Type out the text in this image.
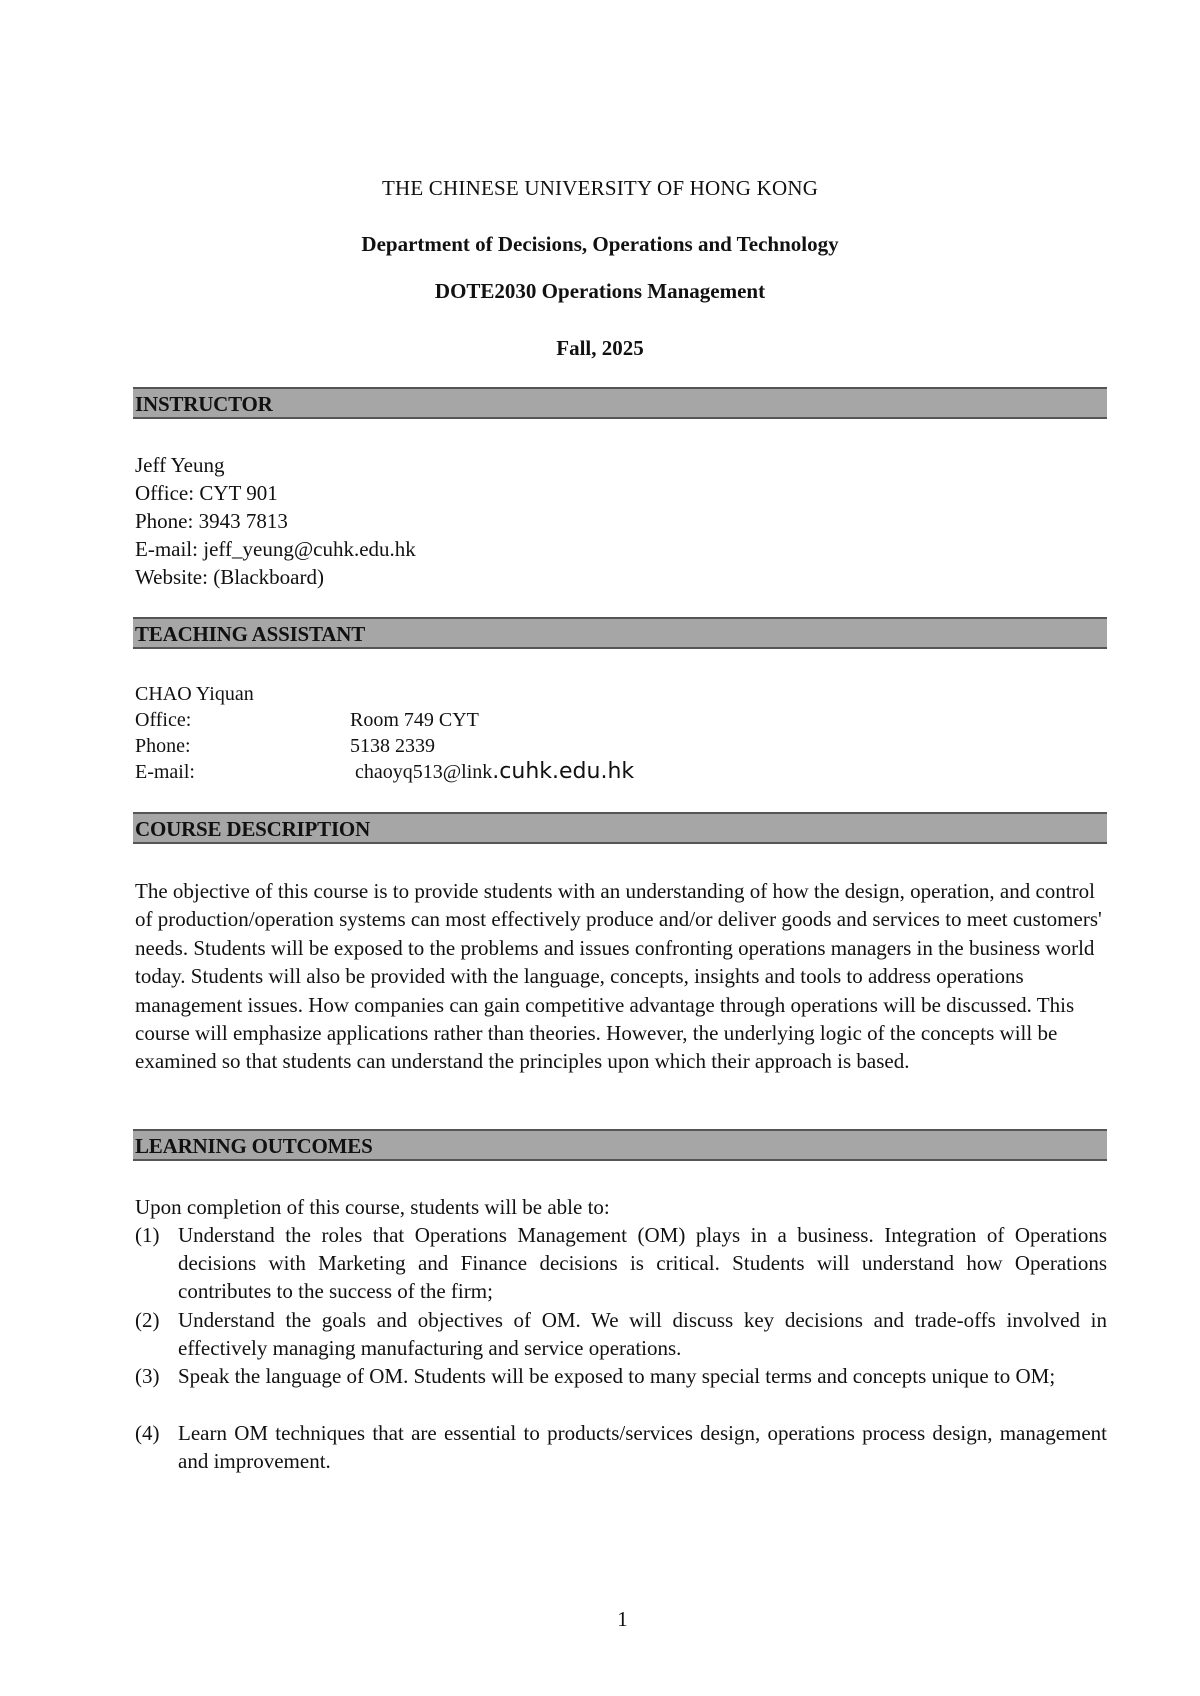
THE CHINESE UNIVERSITY OF HONG KONG
Department of Decisions, Operations and Technology
DOTE2030 Operations Management
Fall, 2025
INSTRUCTOR
Jeff Yeung
Office: CYT 901
Phone: 3943 7813
E-mail: jeff_yeung@cuhk.edu.hk
Website: (Blackboard)
TEACHING ASSISTANT
CHAO Yiquan
Office:	Room 749 CYT
Phone:	5138 2339
E-mail:	chaoyq513@link.cuhk.edu.hk
COURSE DESCRIPTION
The objective of this course is to provide students with an understanding of how the design, operation, and control of production/operation systems can most effectively produce and/or deliver goods and services to meet customers' needs. Students will be exposed to the problems and issues confronting operations managers in the business world today. Students will also be provided with the language, concepts, insights and tools to address operations management issues. How companies can gain competitive advantage through operations will be discussed. This course will emphasize applications rather than theories. However, the underlying logic of the concepts will be examined so that students can understand the principles upon which their approach is based.
LEARNING OUTCOMES
Upon completion of this course, students will be able to:
(1) Understand the roles that Operations Management (OM) plays in a business. Integration of Operations decisions with Marketing and Finance decisions is critical. Students will understand how Operations contributes to the success of the firm;
(2) Understand the goals and objectives of OM. We will discuss key decisions and trade-offs involved in effectively managing manufacturing and service operations.
(3) Speak the language of OM. Students will be exposed to many special terms and concepts unique to OM;
(4) Learn OM techniques that are essential to products/services design, operations process design, management and improvement.
1
